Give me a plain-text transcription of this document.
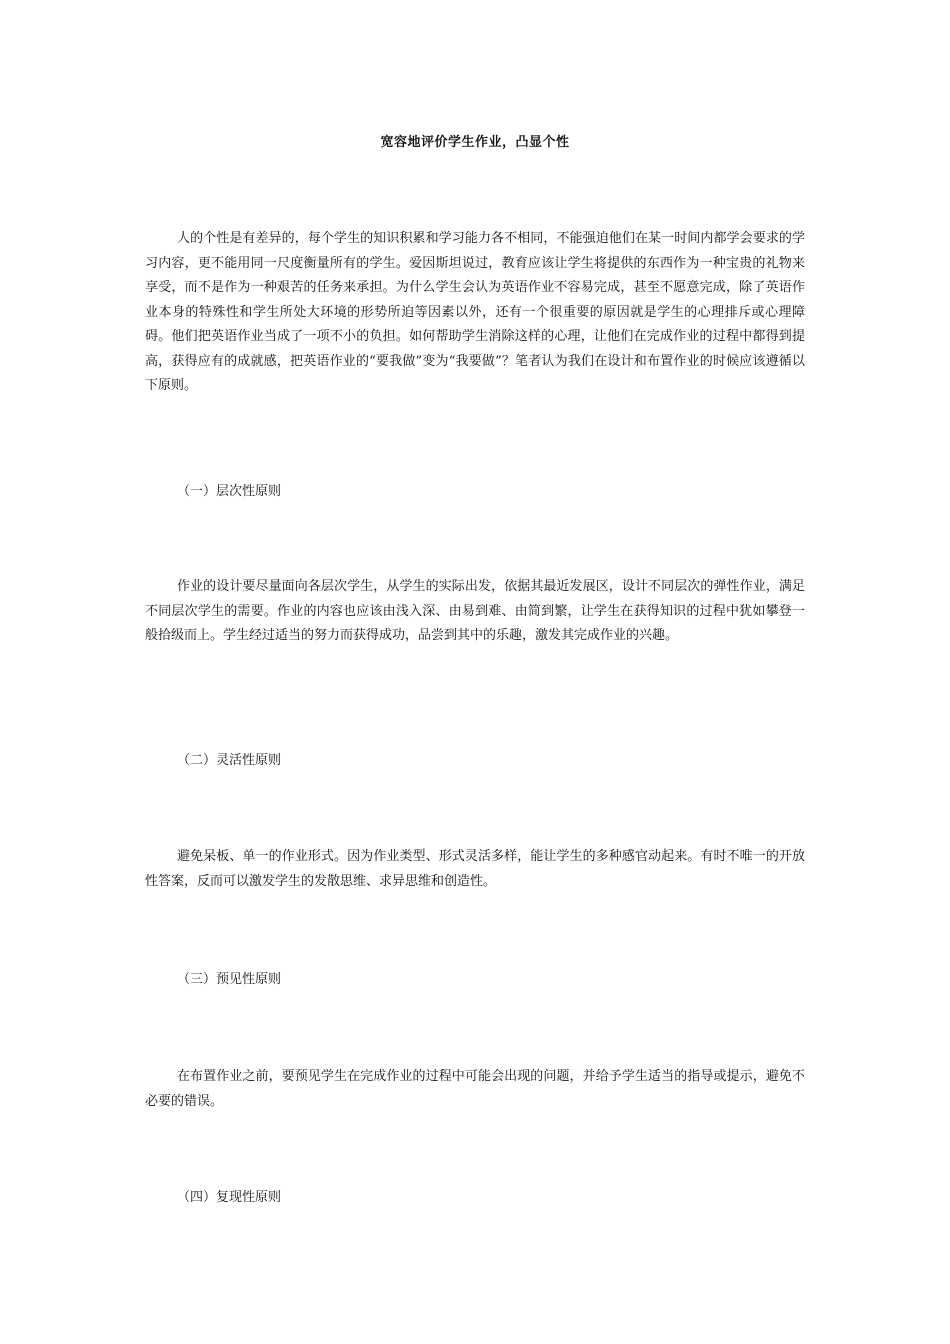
宽容地评价学生作业，凸显个性

人的个性是有差异的，每个学生的知识积累和学习能力各不相同，不能强迫他们在某一时间内都学会要求的学习内容，更不能用同一尺度衡量所有的学生。爱因斯坦说过，教育应该让学生将提供的东西作为一种宝贵的礼物来享受，而不是作为一种艰苦的任务来承担。为什么学生会认为英语作业不容易完成，甚至不愿意完成，除了英语作业本身的特殊性和学生所处大环境的形势所迫等因素以外，还有一个很重要的原因就是学生的心理排斥或心理障碍。他们把英语作业当成了一项不小的负担。如何帮助学生消除这样的心理，让他们在完成作业的过程中都得到提高，获得应有的成就感，把英语作业的“要我做”变为“我要做”？笔者认为我们在设计和布置作业的时候应该遵循以下原则。

（一）层次性原则

作业的设计要尽量面向各层次学生，从学生的实际出发，依据其最近发展区，设计不同层次的弹性作业，满足不同层次学生的需要。作业的内容也应该由浅入深、由易到难、由简到繁，让学生在获得知识的过程中犹如攀登一般拾级而上。学生经过适当的努力而获得成功，品尝到其中的乐趣，激发其完成作业的兴趣。

（二）灵活性原则

避免呆板、单一的作业形式。因为作业类型、形式灵活多样，能让学生的多种感官动起来。有时不唯一的开放性答案，反而可以激发学生的发散思维、求异思维和创造性。

（三）预见性原则

在布置作业之前，要预见学生在完成作业的过程中可能会出现的问题，并给予学生适当的指导或提示，避免不必要的错误。

（四）复现性原则
